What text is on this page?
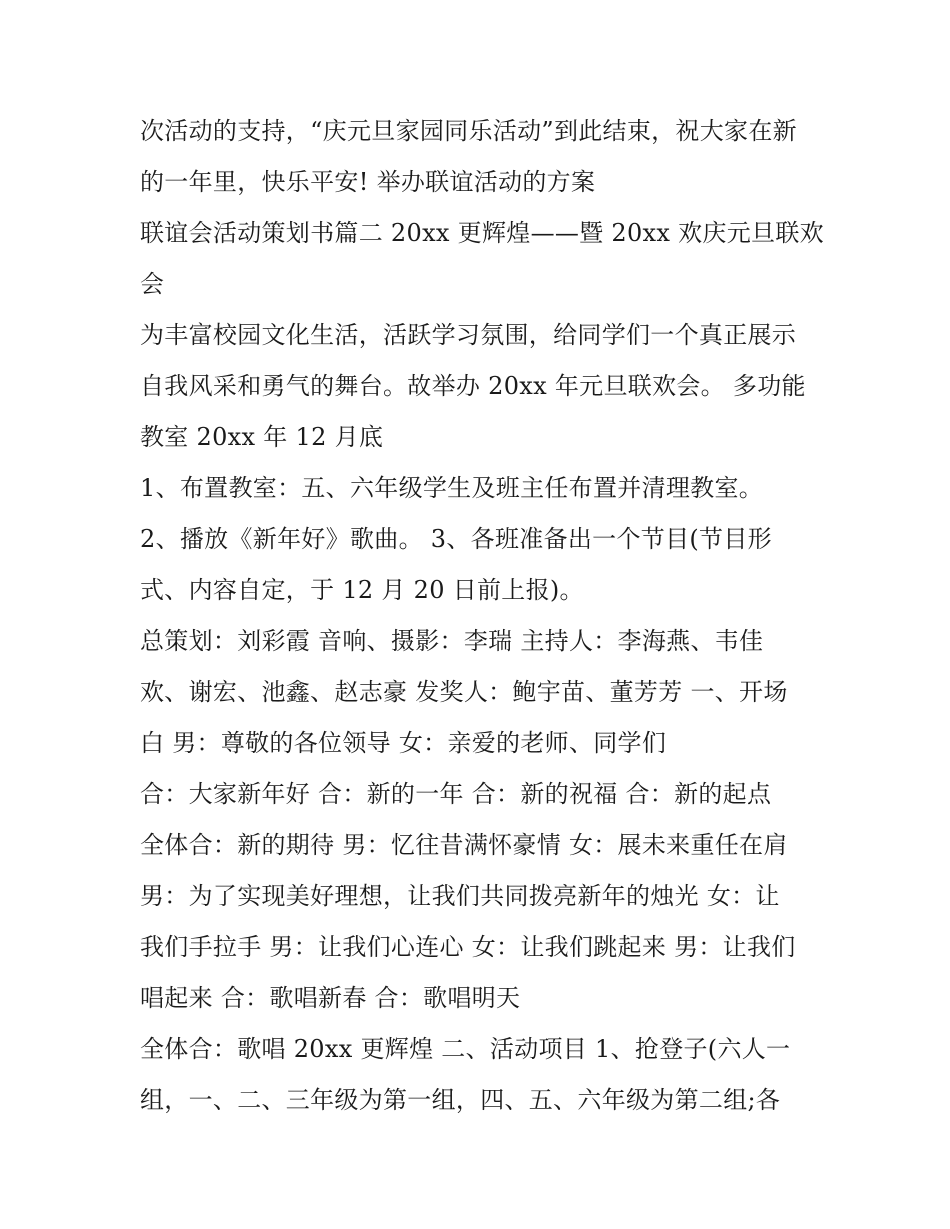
次活动的支持，“庆元旦家园同乐活动”到此结束，祝大家在新
的一年里，快乐平安! 举办联谊活动的方案
联谊会活动策划书篇二 20xx 更辉煌——暨 20xx 欢庆元旦联欢
会
为丰富校园文化生活，活跃学习氛围，给同学们一个真正展示
自我风采和勇气的舞台。故举办 20xx 年元旦联欢会。 多功能
教室 20xx 年 12 月底
1、布置教室：五、六年级学生及班主任布置并清理教室。
2、播放《新年好》歌曲。 3、各班准备出一个节目(节目形
式、内容自定，于 12 月 20 日前上报)。
总策划：刘彩霞 音响、摄影：李瑞 主持人：李海燕、韦佳
欢、谢宏、池鑫、赵志豪 发奖人：鲍宇苗、董芳芳 一、开场
白 男：尊敬的各位领导 女：亲爱的老师、同学们
合：大家新年好 合：新的一年 合：新的祝福 合：新的起点
全体合：新的期待 男：忆往昔满怀豪情 女：展未来重任在肩
男：为了实现美好理想，让我们共同拨亮新年的烛光 女：让
我们手拉手 男：让我们心连心 女：让我们跳起来 男：让我们
唱起来 合：歌唱新春 合：歌唱明天
全体合：歌唱 20xx 更辉煌 二、活动项目 1、抢登子(六人一
组，一、二、三年级为第一组，四、五、六年级为第二组;各
